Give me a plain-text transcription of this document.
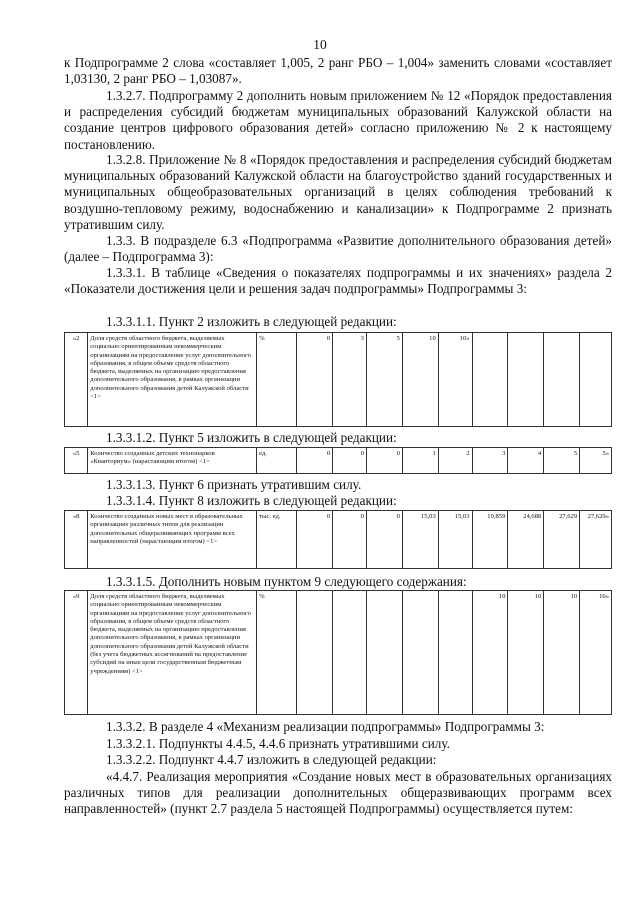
10

к Подпрограмме 2 слова «составляет 1,005, 2 ранг РБО – 1,004» заменить словами «составляет 1,03130, 2 ранг РБО – 1,03087».

1.3.2.7. Подпрограмму 2 дополнить новым приложением № 12 «Порядок предоставления и распределения субсидий бюджетам муниципальных образований Калужской области на создание центров цифрового образования детей» согласно приложению № 2 к настоящему постановлению.

1.3.2.8. Приложение № 8 «Порядок предоставления и распределения субсидий бюджетам муниципальных образований Калужской области на благоустройство зданий государственных и муниципальных общеобразовательных организаций в целях соблюдения требований к воздушно-тепловому режиму, водоснабжению и канализации» к Подпрограмме 2 признать утратившим силу.

1.3.3. В подразделе 6.3 «Подпрограмма «Развитие дополнительного образования детей» (далее – Подпрограмма 3):

1.3.3.1. В таблице «Сведения о показателях подпрограммы и их значениях» раздела 2 «Показатели достижения цели и решения задач подпрограммы» Подпрограммы 3:

1.3.3.1.1. Пункт 2 изложить в следующей редакции:
«2	Доля средств областного бюджета, выделяемых социально ориентированным некоммерческим организациям на предоставление услуг дополнительного образования, в общем объеме средств областного бюджета, выделяемых на организацию предоставления дополнительного образования, в рамках организации дополнительного образования детей Калужской области <1>	%	0	3	5	10	10»				
1.3.3.1.2. Пункт 5 изложить в следующей редакции:
«5	Количество созданных детских технопарков «Кванториум» (нарастающим итогом) <1>	ед.	0	0	0	1	2	3	4	5	5»
1.3.3.1.3. Пункт 6 признать утратившим силу.
1.3.3.1.4. Пункт 8 изложить в следующей редакции:
«8	Количество созданных новых мест в образовательных организациях различных типов для реализации дополнительных общеразвивающих программ всех направленностей (нарастающим итогом) <1>	тыс. ед.	0	0	0	15,03	15,03	19,859	24,688	27,629	27,629»
1.3.3.1.5. Дополнить новым пунктом 9 следующего содержания:
«9	Доля средств областного бюджета, выделяемых социально ориентированным некоммерческим организациям на предоставление услуг дополнительного образования, в общем объеме средств областного бюджета, выделяемых на организацию предоставления дополнительного образования, в рамках организации дополнительного образования детей Калужской области (без учета бюджетных ассигнований на предоставление субсидий на иные цели государственным бюджетным учреждениям) <1>	%						10	10	10	10»

1.3.3.2. В разделе 4 «Механизм реализации подпрограммы» Подпрограммы 3:

1.3.3.2.1. Подпункты 4.4.5, 4.4.6 признать утратившими силу.
1.3.3.2.2. Подпункт 4.4.7 изложить в следующей редакции:

«4.4.7. Реализация мероприятия «Создание новых мест в образовательных организациях различных типов для реализации дополнительных общеразвивающих программ всех направленностей» (пункт 2.7 раздела 5 настоящей Подпрограммы) осуществляется путем:
